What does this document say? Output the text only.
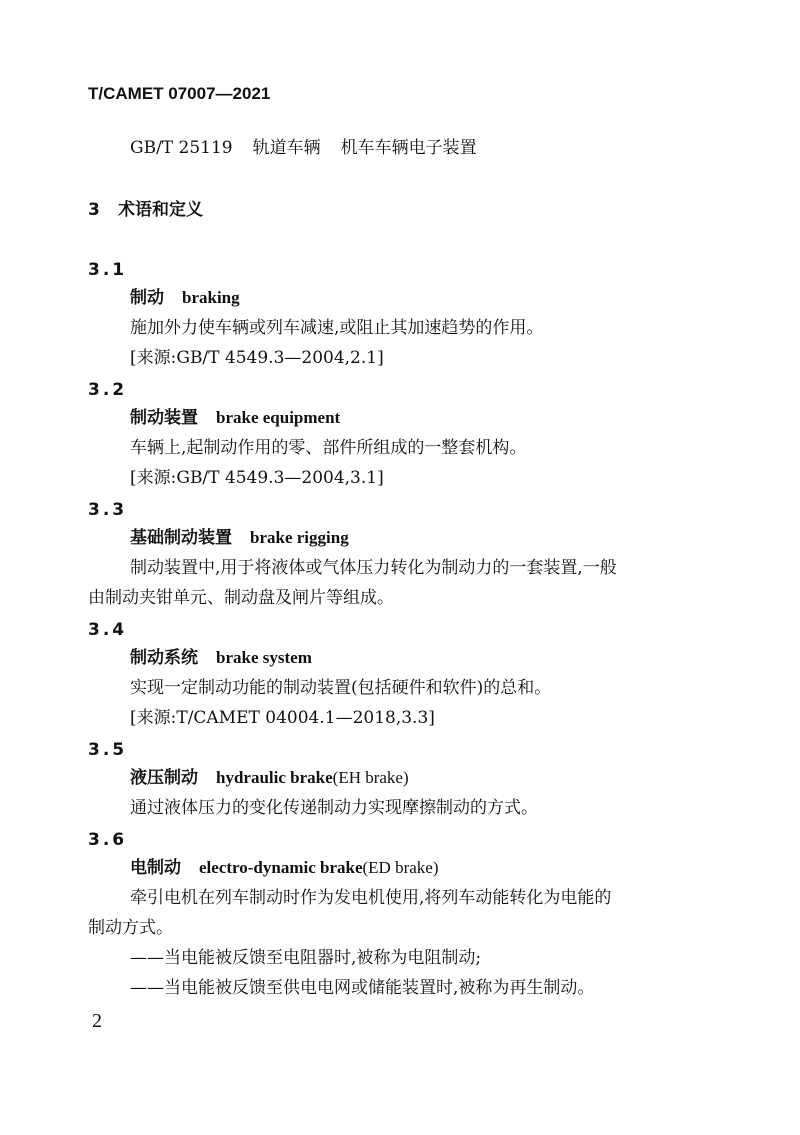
T/CAMET 07007—2021
GB/T 25119 轨道车辆 机车车辆电子装置
3 术语和定义
3.1
制动 braking
施加外力使车辆或列车减速,或阻止其加速趋势的作用。
[来源:GB/T 4549.3—2004,2.1]
3.2
制动装置 brake equipment
车辆上,起制动作用的零、部件所组成的一整套机构。
[来源:GB/T 4549.3—2004,3.1]
3.3
基础制动装置 brake rigging
制动装置中,用于将液体或气体压力转化为制动力的一套装置,一般
由制动夹钳单元、制动盘及闸片等组成。
3.4
制动系统 brake system
实现一定制动功能的制动装置(包括硬件和软件)的总和。
[来源:T/CAMET 04004.1—2018,3.3]
3.5
液压制动 hydraulic brake(EH brake)
通过液体压力的变化传递制动力实现摩擦制动的方式。
3.6
电制动 electro-dynamic brake(ED brake)
牵引电机在列车制动时作为发电机使用,将列车动能转化为电能的
制动方式。
——当电能被反馈至电阻器时,被称为电阻制动;
——当电能被反馈至供电电网或储能装置时,被称为再生制动。
2
